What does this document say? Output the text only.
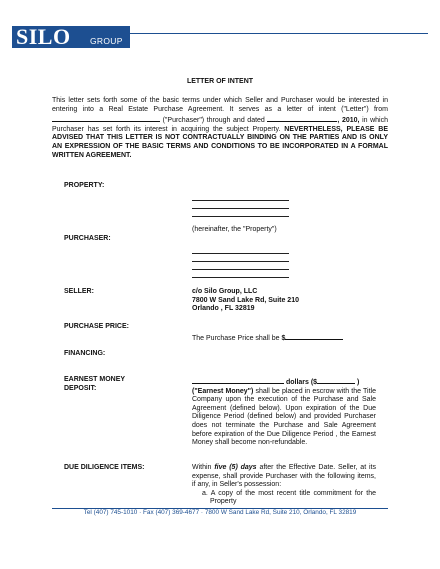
SILO GROUP
LETTER OF INTENT
This letter sets forth some of the basic terms under which Seller and Purchaser would be interested in entering into a Real Estate Purchase Agreement. It serves as a letter of intent ("Letter") from  ("Purchaser") through and dated	, 2010, in which Purchaser has set forth its interest in acquiring the subject Property. NEVERTHELESS, PLEASE BE ADVISED THAT THIS LETTER IS NOT CONTRACTUALLY BINDING ON THE PARTIES AND IS ONLY AN EXPRESSION OF THE BASIC TERMS AND CONDITIONS TO BE INCORPORATED IN A FORMAL WRITTEN AGREEMENT.
PROPERTY:
(hereinafter, the "Property")
PURCHASER:
SELLER:	c/o Silo Group, LLC
7800 W Sand Lake Rd, Suite 210
Orlando , FL 32819
PURCHASE PRICE:
The Purchase Price shall be $
FINANCING:
EARNEST MONEY
DEPOSIT:
dollars ($	)
("Earnest Money") shall be placed in escrow with the Title Company upon the execution of the Purchase and Sale Agreement (defined below). Upon expiration of the Due Diligence Period (defined below) and provided Purchaser does not terminate the Purchase and Sale Agreement before expiration of the Due Diligence Period , the Earnest Money shall become non-refundable.
DUE DILIGENCE ITEMS:	Within five (5) days after the Effective Date. Seller, at its expense, shall provide Purchaser with the following items, if any, in Seller's possession:
a. A copy of the most recent title commitment for the Property
Tel (407) 745-1010 · Fax (407) 369-4677 · 7800 W Sand Lake Rd, Suite 210, Orlando, FL 32819
